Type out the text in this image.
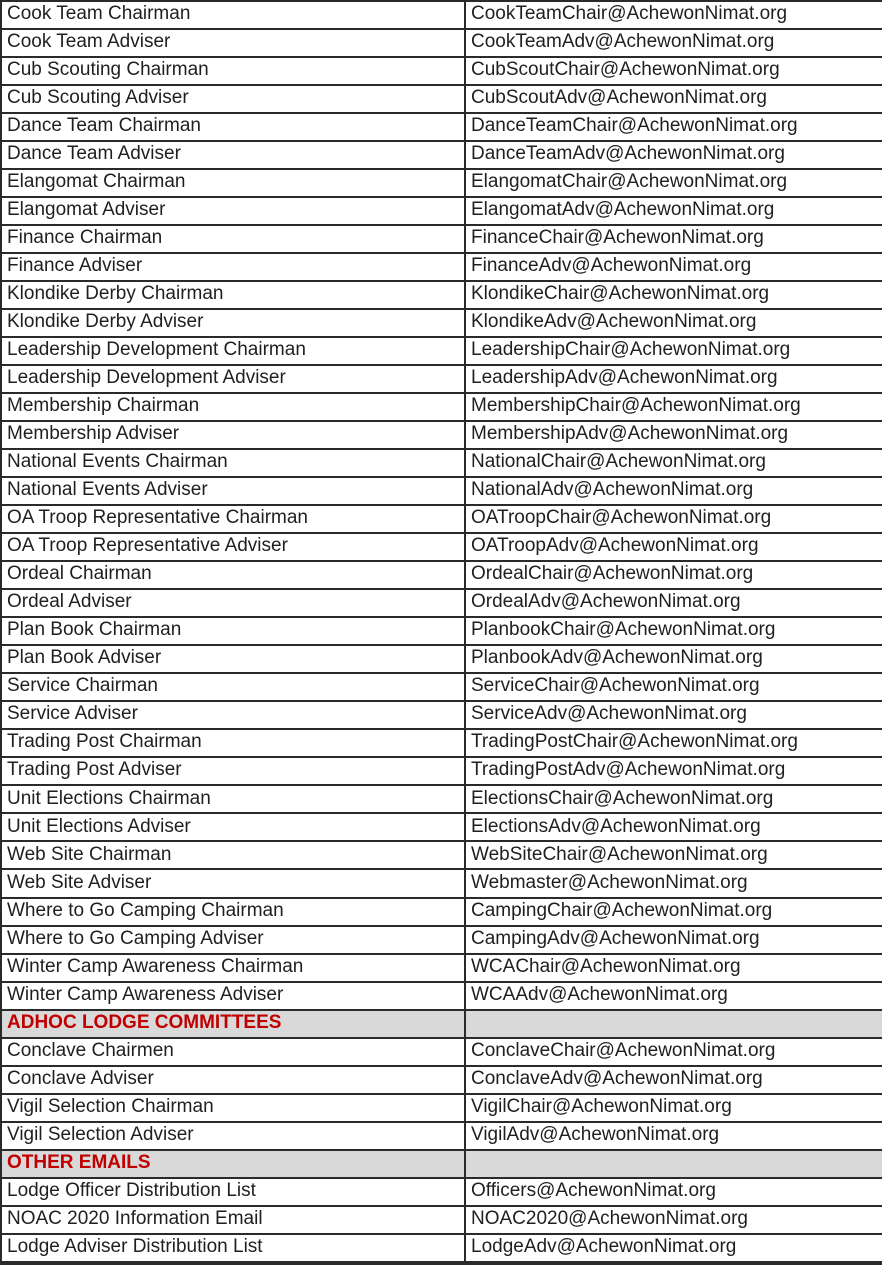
Cook Team Chairman	CookTeamChair@AchewonNimat.org
Cook Team Adviser	CookTeamAdv@AchewonNimat.org
Cub Scouting Chairman	CubScoutChair@AchewonNimat.org
Cub Scouting Adviser	CubScoutAdv@AchewonNimat.org
Dance Team Chairman	DanceTeamChair@AchewonNimat.org
Dance Team Adviser	DanceTeamAdv@AchewonNimat.org
Elangomat Chairman	ElangomatChair@AchewonNimat.org
Elangomat Adviser	ElangomatAdv@AchewonNimat.org
Finance Chairman	FinanceChair@AchewonNimat.org
Finance Adviser	FinanceAdv@AchewonNimat.org
Klondike Derby Chairman	KlondikeChair@AchewonNimat.org
Klondike Derby Adviser	KlondikeAdv@AchewonNimat.org
Leadership Development Chairman	LeadershipChair@AchewonNimat.org
Leadership Development Adviser	LeadershipAdv@AchewonNimat.org
Membership Chairman	MembershipChair@AchewonNimat.org
Membership Adviser	MembershipAdv@AchewonNimat.org
National Events Chairman	NationalChair@AchewonNimat.org
National Events Adviser	NationalAdv@AchewonNimat.org
OA Troop Representative Chairman	OATroopChair@AchewonNimat.org
OA Troop Representative Adviser	OATroopAdv@AchewonNimat.org
Ordeal Chairman	OrdealChair@AchewonNimat.org
Ordeal Adviser	OrdealAdv@AchewonNimat.org
Plan Book Chairman	PlanbookChair@AchewonNimat.org
Plan Book Adviser	PlanbookAdv@AchewonNimat.org
Service Chairman	ServiceChair@AchewonNimat.org
Service Adviser	ServiceAdv@AchewonNimat.org
Trading Post Chairman	TradingPostChair@AchewonNimat.org
Trading Post Adviser	TradingPostAdv@AchewonNimat.org
Unit Elections Chairman	ElectionsChair@AchewonNimat.org
Unit Elections Adviser	ElectionsAdv@AchewonNimat.org
Web Site Chairman	WebSiteChair@AchewonNimat.org
Web Site Adviser	Webmaster@AchewonNimat.org
Where to Go Camping Chairman	CampingChair@AchewonNimat.org
Where to Go Camping Adviser	CampingAdv@AchewonNimat.org
Winter Camp Awareness Chairman	WCAChair@AchewonNimat.org
Winter Camp Awareness Adviser	WCAAdv@AchewonNimat.org
ADHOC LODGE COMMITTEES	
Conclave Chairmen	ConclaveChair@AchewonNimat.org
Conclave Adviser	ConclaveAdv@AchewonNimat.org
Vigil Selection Chairman	VigilChair@AchewonNimat.org
Vigil Selection Adviser	VigilAdv@AchewonNimat.org
OTHER EMAILS	
Lodge Officer Distribution List	Officers@AchewonNimat.org
NOAC 2020 Information Email	NOAC2020@AchewonNimat.org
Lodge Adviser Distribution List	LodgeAdv@AchewonNimat.org
